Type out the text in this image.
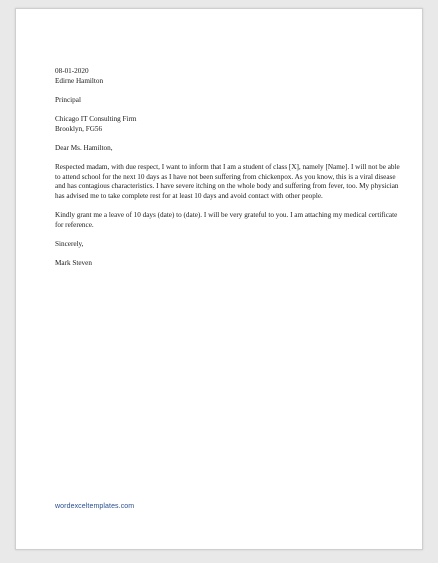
08-01-2020
Edirne Hamilton
Principal
Chicago IT Consulting Firm
Brooklyn, FG56
Dear Ms. Hamilton,

Respected madam, with due respect, I want to inform that I am a student of class [X], namely [Name]. I will not be able to attend school for the next 10 days as I have not been suffering from chickenpox. As you know, this is a viral disease and has contagious characteristics. I have severe itching on the whole body and suffering from fever, too. My physician has advised me to take complete rest for at least 10 days and avoid contact with other people.

Kindly grant me a leave of 10 days (date) to (date). I will be very grateful to you. I am attaching my medical certificate for reference.

Sincerely,
Mark Steven
wordexceltemplates.com
